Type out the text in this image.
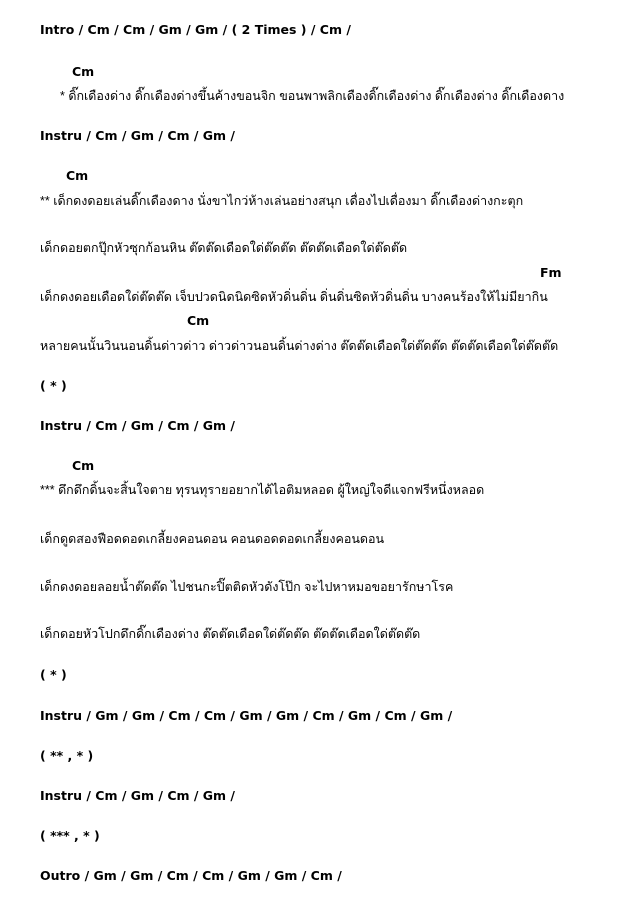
Intro / Cm / Cm / Gm / Gm / ( 2 Times ) / Cm /
Cm
* ดิ๊กเดืองด่าง ดิ๊กเดืองด่างขึ้นค้างขอนจิก ขอนพาพลิกเดืองดิ๊กเดืองด่าง ดิ๊กเดืองด่าง ดิ๊กเดืองดาง
Instru / Cm / Gm / Cm / Gm /
Cm
** เด็กดงดอยเล่นดิ๊กเดืองดาง นั่งขาไกว่ห้างเล่นอย่างสนุก เดื่องไปเดื่องมา ดิ๊กเดืองด่างกะตุก
เด็กดอยตกปุ๊กหัวซุกก้อนหิน ต๊ดต๊ดเดือดใด่ต๊ดต๊ด ต๊ดต๊ดเดือดใด่ต๊ดต๊ด
Fm
เด็กดงดอยเดือดใด่ต๊ดต๊ด เจ็บปวดนิดนิดซิดหัวดิ่นดิ่น ดิ่นดิ่นซิดหัวดิ่นดิ่น บางคนร้องให้ไม่มียากิน
Cm
หลายคนนั้นวินนอนดิ้นด่าวด่าว ด่าวด่าวนอนดิ้นด่างด่าง ต๊ดต๊ดเดือดใด่ต๊ดต๊ด ต๊ดต๊ดเดือดใด่ต๊ดต๊ด
( * )
Instru / Cm / Gm / Cm / Gm /
Cm
*** ดึกดึกดิ้นจะสิ้นใจตาย ทุรนทุรายอยากได้ไอติมหลอด ผู้ใหญ่ใจดีแจกฟรีหนึ่งหลอด
เด็กดูดสองฟือดดอดเกลี้ยงคอนดอน คอนดอดดอดเกลี้ยงคอนดอน
เด็กดงดอยลอยน้ำต๊ดต๊ด ไปชนกะปิ๊ตติดหัวดังโป๊ก จะไปหาหมอขอยารักษาโรค
เด็กดอยหัวโปกดึกดิ๊กเดืองด่าง ต๊ดต๊ดเดือดใด่ต๊ดต๊ด ต๊ดต๊ดเดือดใด่ต๊ดต๊ด
( * )
Instru / Gm / Gm / Cm / Cm / Gm / Gm / Cm / Gm / Cm / Gm /
( ** , * )
Instru / Cm / Gm / Cm / Gm /
( *** , * )
Outro / Gm / Gm / Cm / Cm / Gm / Gm / Cm /
